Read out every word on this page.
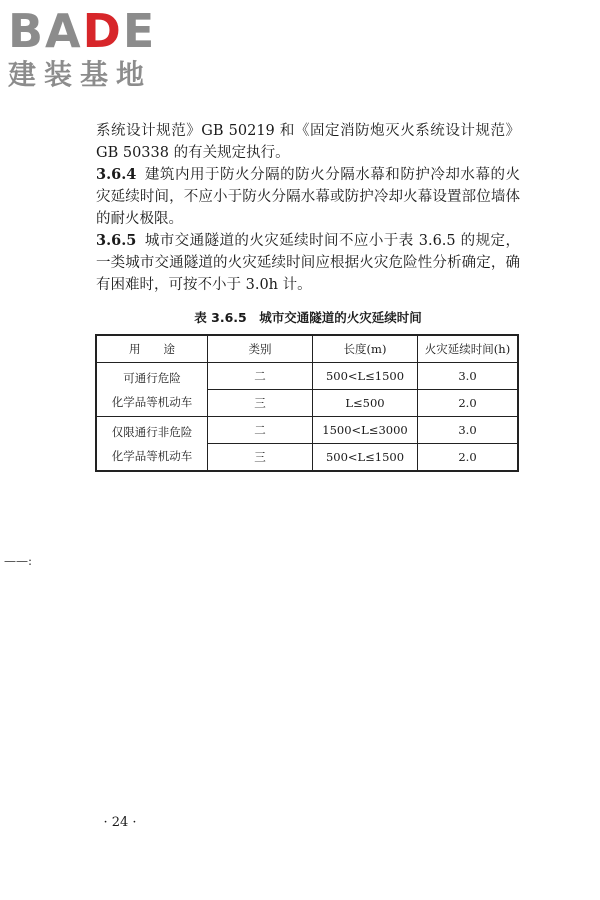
BADE
建装基地

系统设计规范》GB 50219 和《固定消防炮灭火系统设计规范》GB 50338 的有关规定执行。

3.6.4 建筑内用于防火分隔的防火分隔水幕和防护冷却水幕的火灾延续时间，不应小于防火分隔水幕或防护冷却火幕设置部位墙体的耐火极限。

3.6.5 城市交通隧道的火灾延续时间不应小于表 3.6.5 的规定，一类城市交通隧道的火灾延续时间应根据火灾危险性分析确定，确有困难时，可按不小于 3.0h 计。

表 3.6.5　城市交通隧道的火灾延续时间
用　　途	类别	长度(m)	火灾延续时间(h)
可通行危险
化学品等机动车	二	500<L≤1500	3.0
	三	L≤500	2.0
仅限通行非危险
化学品等机动车	二	1500<L≤3000	3.0
	三	500<L≤1500	2.0
——:
· 24 ·
